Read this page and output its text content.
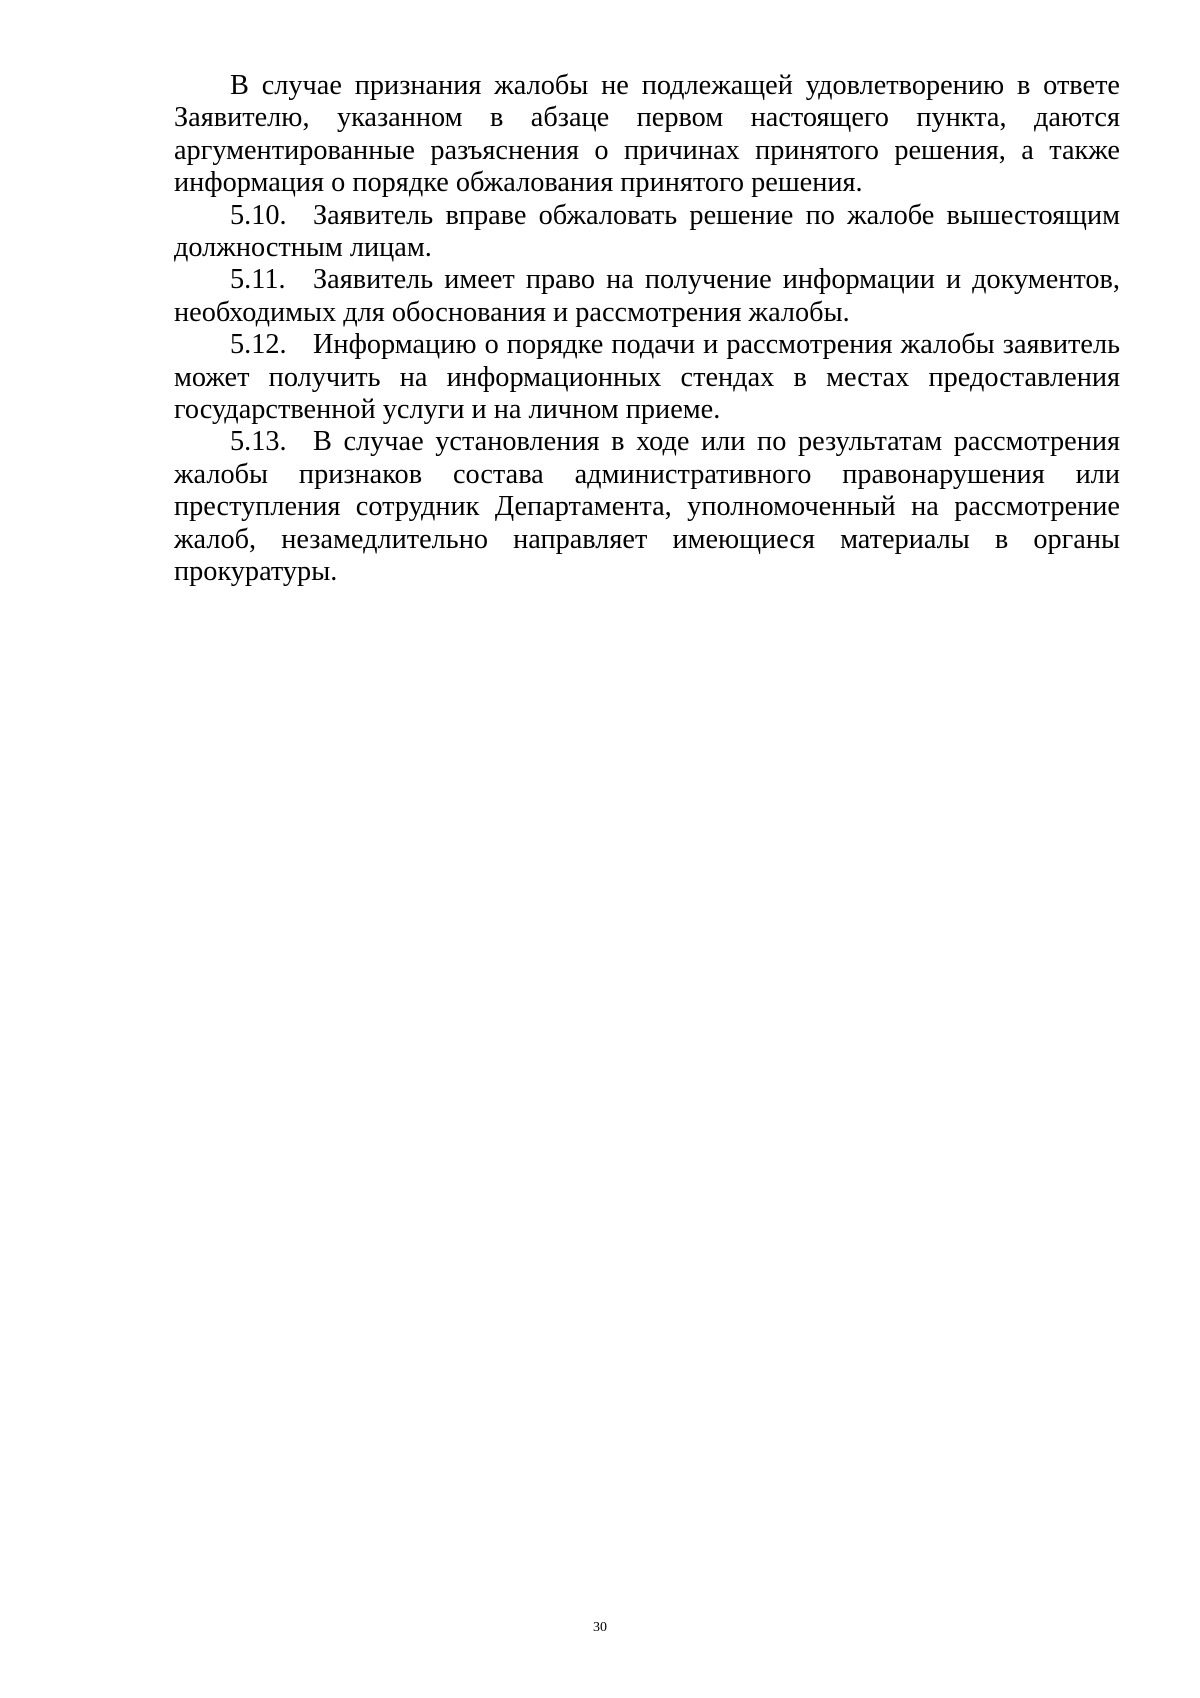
В случае признания жалобы не подлежащей удовлетворению в ответе Заявителю, указанном в абзаце первом настоящего пункта, даются аргументированные разъяснения о причинах принятого решения, а также информация о порядке обжалования принятого решения.

5.10. Заявитель вправе обжаловать решение по жалобе вышестоящим должностным лицам.

5.11. Заявитель имеет право на получение информации и документов, необходимых для обоснования и рассмотрения жалобы.

5.12. Информацию о порядке подачи и рассмотрения жалобы заявитель может получить на информационных стендах в местах предоставления государственной услуги и на личном приеме.

5.13. В случае установления в ходе или по результатам рассмотрения жалобы признаков состава административного правонарушения или преступления сотрудник Департамента, уполномоченный на рассмотрение жалоб, незамедлительно направляет имеющиеся материалы в органы прокуратуры.

30
